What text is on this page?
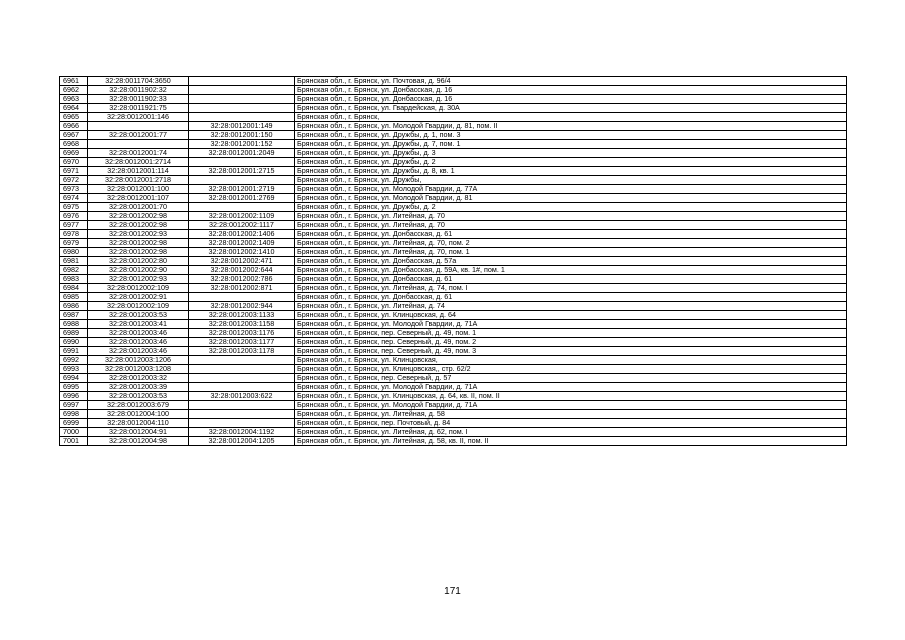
6961	32:28:0011704:3650		Брянская обл., г. Брянск, ул. Почтовая, д. 96/4
6962	32:28:0011902:32		Брянская обл., г. Брянск, ул. Донбасская, д. 16
6963	32:28:0011902:33		Брянская обл., г. Брянск, ул. Донбасская, д. 16
6964	32:28:0011921:75		Брянская обл., г. Брянск, ул. Гвардейская, д. 30А
6965	32:28:0012001:146		Брянская обл., г. Брянск,
6966		32:28:0012001:149	Брянская обл., г. Брянск, ул. Молодой Гвардии, д. 81, пом. II
6967	32:28:0012001:77	32:28:0012001:150	Брянская обл., г. Брянск, ул. Дружбы, д. 1, пом. 3
6968		32:28:0012001:152	Брянская обл., г. Брянск, ул. Дружбы, д. 7, пом. 1
6969	32:28:0012001:74	32:28:0012001:2049	Брянская обл., г. Брянск, ул. Дружбы, д. 3
6970	32:28:0012001:2714		Брянская обл., г. Брянск, ул. Дружбы, д. 2
6971	32:28:0012001:114	32:28:0012001:2715	Брянская обл., г. Брянск, ул. Дружбы, д. 8, кв. 1
6972	32:28:0012001:2718		Брянская обл., г. Брянск, ул. Дружбы,
6973	32:28:0012001:100	32:28:0012001:2719	Брянская обл., г. Брянск, ул. Молодой Гвардии, д. 77А
6974	32:28:0012001:107	32:28:0012001:2769	Брянская обл., г. Брянск, ул. Молодой Гвардии, д. 81
6975	32:28:0012001:70		Брянская обл., г. Брянск, ул. Дружбы, д. 2
6976	32:28:0012002:98	32:28:0012002:1109	Брянская обл., г. Брянск, ул. Литейная, д. 70
6977	32:28:0012002:98	32:28:0012002:1117	Брянская обл., г. Брянск, ул. Литейная, д. 70
6978	32:28:0012002:93	32:28:0012002:1406	Брянская обл., г. Брянск, ул. Донбасская, д. 61
6979	32:28:0012002:98	32:28:0012002:1409	Брянская обл., г. Брянск, ул. Литейная, д. 70, пом. 2
6980	32:28:0012002:98	32:28:0012002:1410	Брянская обл., г. Брянск, ул. Литейная, д. 70, пом. 1
6981	32:28:0012002:80	32:28:0012002:471	Брянская обл., г. Брянск, ул. Донбасская, д. 57а
6982	32:28:0012002:90	32:28:0012002:644	Брянская обл., г. Брянск, ул. Донбасская, д. 59А, кв. 1#, пом. 1
6983	32:28:0012002:93	32:28:0012002:786	Брянская обл., г. Брянск, ул. Донбасская, д. 61
6984	32:28:0012002:109	32:28:0012002:871	Брянская обл., г. Брянск, ул. Литейная, д. 74, пом. I
6985	32:28:0012002:91		Брянская обл., г. Брянск, ул. Донбасская, д. 61
6986	32:28:0012002:109	32:28:0012002:944	Брянская обл., г. Брянск, ул. Литейная, д. 74
6987	32:28:0012003:53	32:28:0012003:1133	Брянская обл., г. Брянск, ул. Клинцовская, д. 64
6988	32:28:0012003:41	32:28:0012003:1158	Брянская обл., г. Брянск, ул. Молодой Гвардии, д. 71А
6989	32:28:0012003:46	32:28:0012003:1176	Брянская обл., г. Брянск, пер. Северный, д. 49, пом. 1
6990	32:28:0012003:46	32:28:0012003:1177	Брянская обл., г. Брянск, пер. Северный, д. 49, пом. 2
6991	32:28:0012003:46	32:28:0012003:1178	Брянская обл., г. Брянск, пер. Северный, д. 49, пом. 3
6992	32:28:0012003:1206		Брянская обл., г. Брянск, ул. Клинцовская,
6993	32:28:0012003:1208		Брянская обл., г. Брянск, ул. Клинцовская,, стр. 62/2
6994	32:28:0012003:32		Брянская обл., г. Брянск, пер. Северный, д. 57
6995	32:28:0012003:39		Брянская обл., г. Брянск, ул. Молодой Гвардии, д. 71А
6996	32:28:0012003:53	32:28:0012003:622	Брянская обл., г. Брянск, ул. Клинцовская, д. 64, кв. II, пом. II
6997	32:28:0012003:679		Брянская обл., г. Брянск, ул. Молодой Гвардии, д. 71А
6998	32:28:0012004:100		Брянская обл., г. Брянск, ул. Литейная, д. 58
6999	32:28:0012004:110		Брянская обл., г. Брянск, пер. Почтовый, д. 84
7000	32:28:0012004:91	32:28:0012004:1192	Брянская обл., г. Брянск, ул. Литейная, д. 62, пом. I
7001	32:28:0012004:98	32:28:0012004:1205	Брянская обл., г. Брянск, ул. Литейная, д. 58, кв. II, пом. II
171
